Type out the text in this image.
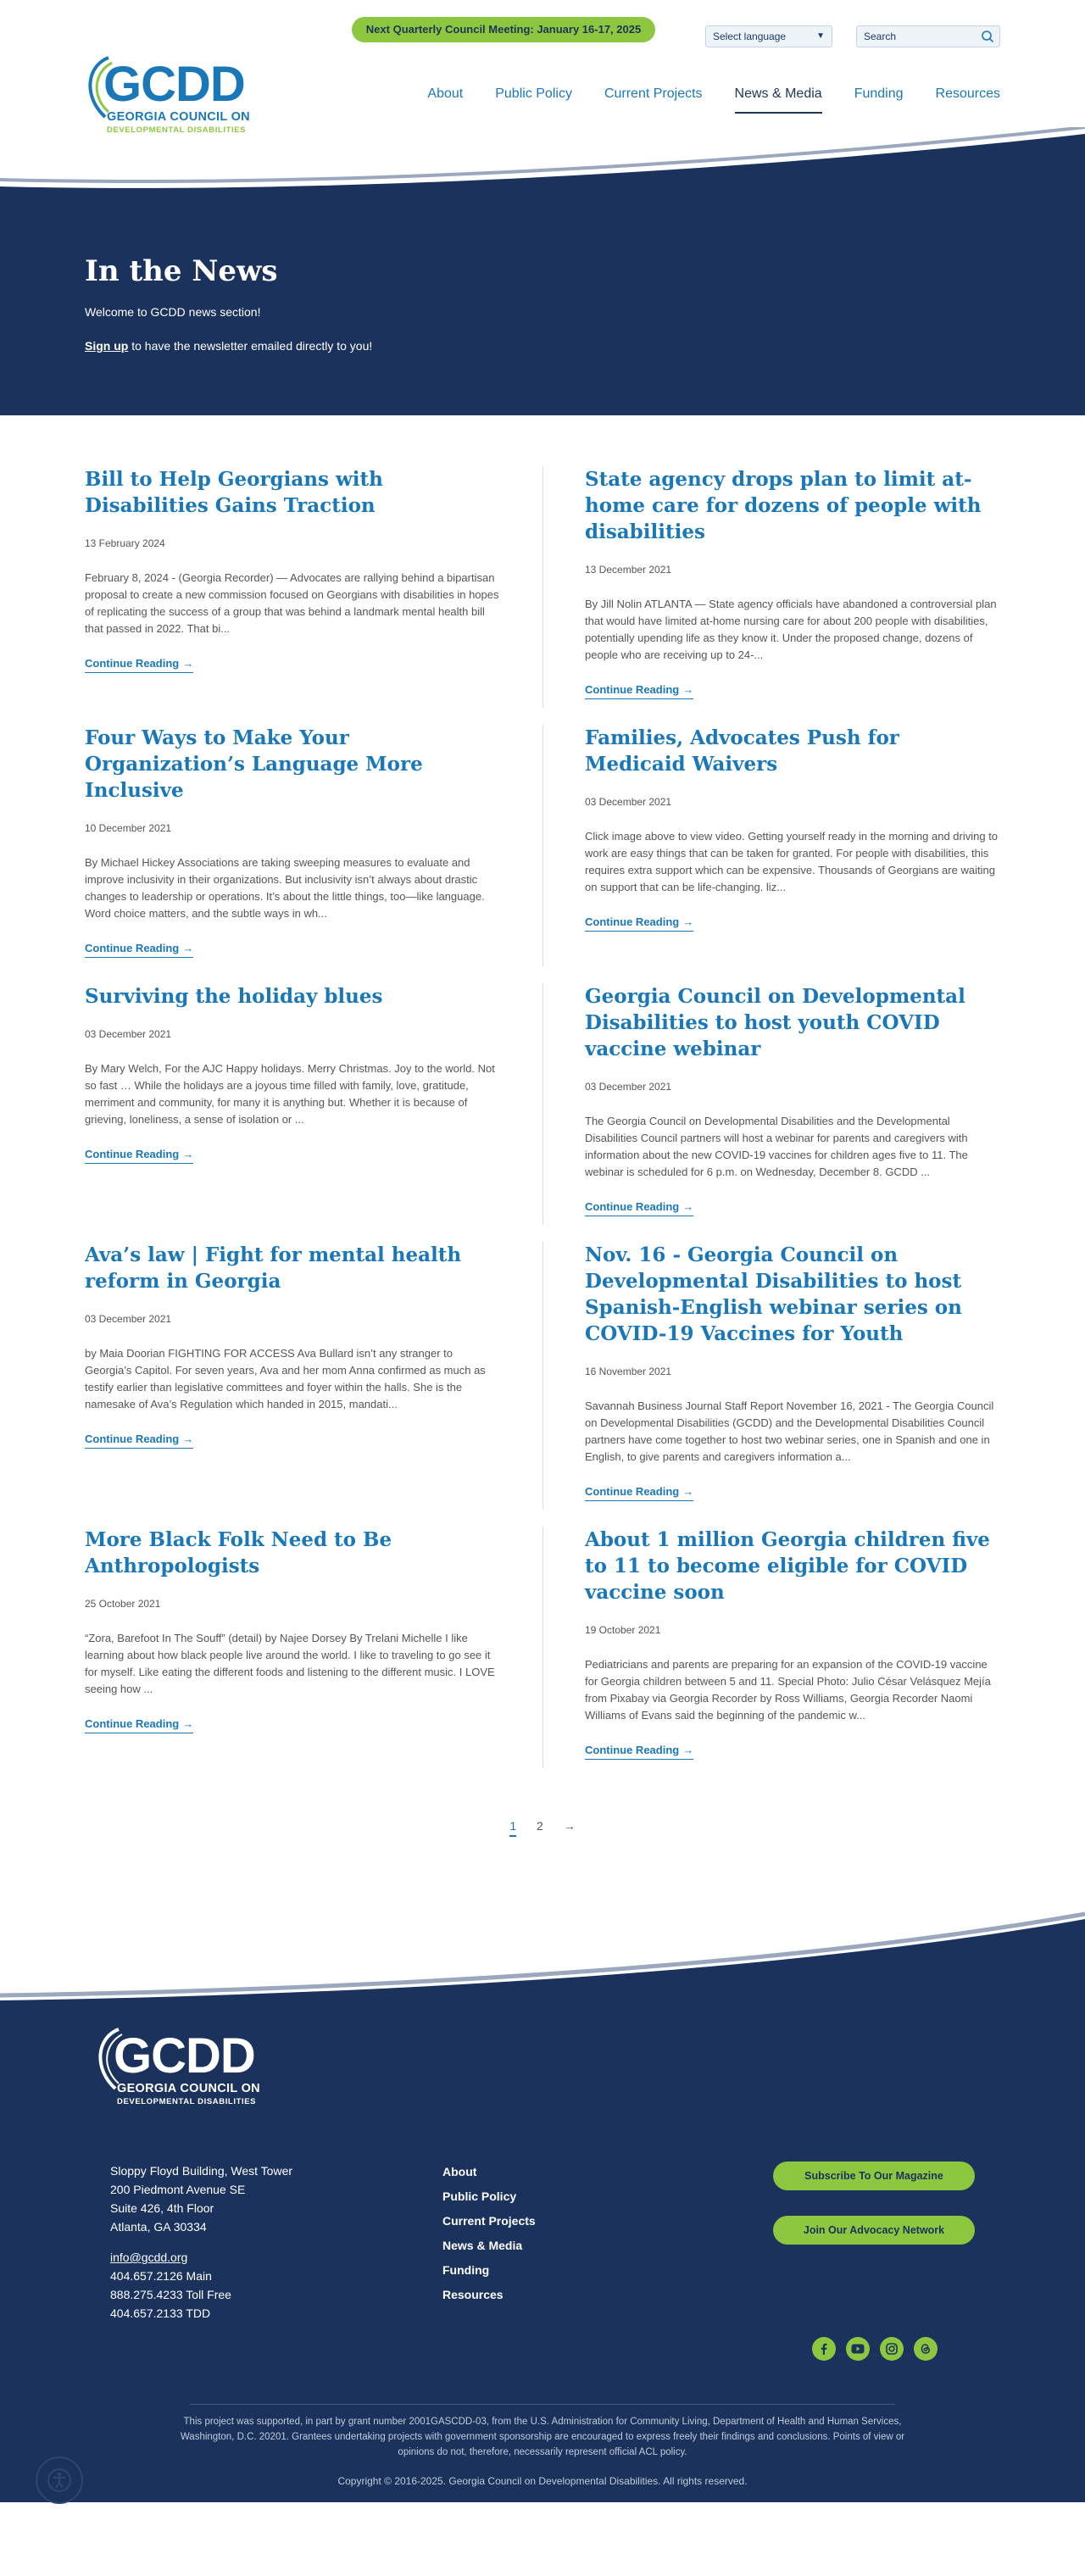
Next Quarterly Council Meeting: January 16-17, 2025
Select language	▼
Search
GCDD
GEORGIA COUNCIL ON
DEVELOPMENTAL DISABILITIES
About Public Policy Current Projects News & Media Funding Resources
In the News

Welcome to GCDD news section!

Sign up to have the newsletter emailed directly to you!

Bill to Help Georgians with Disabilities Gains Traction
13 February 2024

February 8, 2024 - (Georgia Recorder) — Advocates are rallying behind a bipartisan proposal to create a new commission focused on Georgians with disabilities in hopes of replicating the success of a group that was behind a landmark mental health bill that passed in 2022. That bi...

Continue Reading →
State agency drops plan to limit at-home care for dozens of people with disabilities
13 December 2021

By Jill Nolin ATLANTA — State agency officials have abandoned a controversial plan that would have limited at-home nursing care for about 200 people with disabilities, potentially upending life as they know it. Under the proposed change, dozens of people who are receiving up to 24-...

Continue Reading →
Four Ways to Make Your Organization’s Language More Inclusive
10 December 2021

By Michael Hickey Associations are taking sweeping measures to evaluate and improve inclusivity in their organizations. But inclusivity isn’t always about drastic changes to leadership or operations. It’s about the little things, too—like language. Word choice matters, and the subtle ways in wh...

Continue Reading →
Families, Advocates Push for Medicaid Waivers
03 December 2021

Click image above to view video. Getting yourself ready in the morning and driving to work are easy things that can be taken for granted. For people with disabilities, this requires extra support which can be expensive. Thousands of Georgians are waiting on support that can be life-changing. liz...

Continue Reading →
Surviving the holiday blues
03 December 2021

By Mary Welch, For the AJC Happy holidays. Merry Christmas. Joy to the world. Not so fast … While the holidays are a joyous time filled with family, love, gratitude, merriment and community, for many it is anything but. Whether it is because of grieving, loneliness, a sense of isolation or ...

Continue Reading →
Georgia Council on Developmental Disabilities to host youth COVID vaccine webinar
03 December 2021

The Georgia Council on Developmental Disabilities and the Developmental Disabilities Council partners will host a webinar for parents and caregivers with information about the new COVID-19 vaccines for children ages five to 11. The webinar is scheduled for 6 p.m. on Wednesday, December 8. GCDD ...

Continue Reading →
Ava’s law | Fight for mental health reform in Georgia
03 December 2021

by Maia Doorian FIGHTING FOR ACCESS Ava Bullard isn’t any stranger to Georgia’s Capitol. For seven years, Ava and her mom Anna confirmed as much as testify earlier than legislative committees and foyer within the halls. She is the namesake of Ava’s Regulation which handed in 2015, mandati...

Continue Reading →
Nov. 16 - Georgia Council on Developmental Disabilities to host Spanish-English webinar series on COVID-19 Vaccines for Youth
16 November 2021

Savannah Business Journal Staff Report November 16, 2021 - The Georgia Council on Developmental Disabilities (GCDD) and the Developmental Disabilities Council partners have come together to host two webinar series, one in Spanish and one in English, to give parents and caregivers information a...

Continue Reading →
More Black Folk Need to Be Anthropologists
25 October 2021

“Zora, Barefoot In The Souff” (detail) by Najee Dorsey By Trelani Michelle I like learning about how black people live around the world. I like to traveling to go see it for myself. Like eating the different foods and listening to the different music. I LOVE seeing how ...

Continue Reading →
About 1 million Georgia children five to 11 to become eligible for COVID vaccine soon
19 October 2021

Pediatricians and parents are preparing for an expansion of the COVID-19 vaccine for Georgia children between 5 and 11. Special Photo: Julio César Velásquez Mejía from Pixabay via Georgia Recorder by Ross Williams, Georgia Recorder Naomi Williams of Evans said the beginning of the pandemic w...

Continue Reading →
1 2 →
GCDD
GEORGIA COUNCIL ON
DEVELOPMENTAL DISABILITIES
Sloppy Floyd Building, West Tower
200 Piedmont Avenue SE
Suite 426, 4th Floor
Atlanta, GA 30334
info@gcdd.org
404.657.2126 Main
888.275.4233 Toll Free
404.657.2133 TDD
About
Public Policy
Current Projects
News & Media
Funding
Resources
Subscribe To Our Magazine
Join Our Advocacy Network

This project was supported, in part by grant number 2001GASCDD-03, from the U.S. Administration for Community Living, Department of Health and Human Services, Washington, D.C. 20201. Grantees undertaking projects with government sponsorship are encouraged to express freely their findings and conclusions. Points of view or opinions do not, therefore, necessarily represent official ACL policy.

Copyright © 2016-2025. Georgia Council on Developmental Disabilities. All rights reserved.
